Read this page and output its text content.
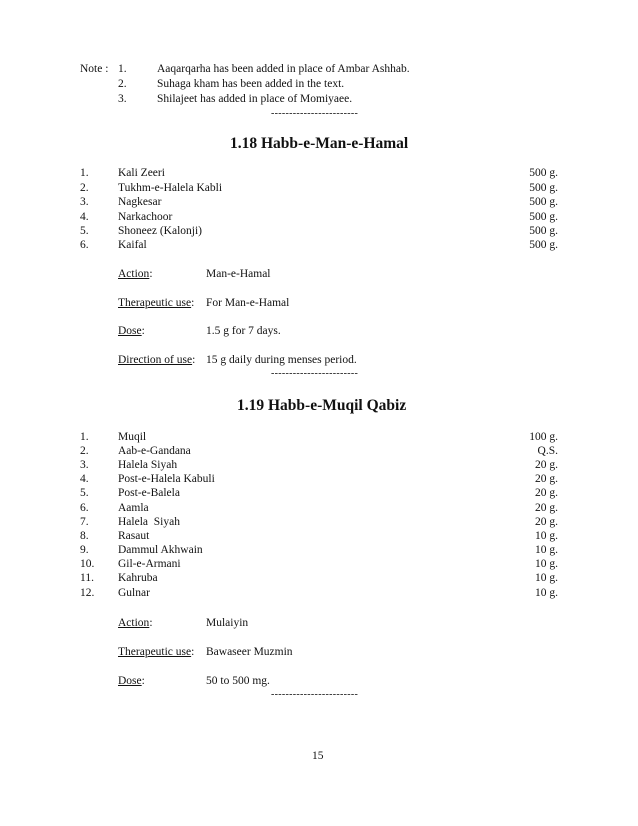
Note : 1.	Aaqarqarha has been added in place of Ambar Ashhab.
2.	Suhaga kham has been added in the text.
3.	Shilajeet has added in place of Momiyaee.
------------------------
1.18 Habb-e-Man-e-Hamal
1.	Kali Zeeri	500 g.
2.	Tukhm-e-Halela Kabli	500 g.
3.	Nagkesar	500 g.
4.	Narkachoor	500 g.
5.	Shoneez (Kalonji)	500 g.
6.	Kaifal	500 g.
Action:	Man-e-Hamal
Therapeutic use: For Man-e-Hamal
Dose:	1.5 g for 7 days.
Direction of use: 15 g daily during menses period.
------------------------
1.19 Habb-e-Muqil Qabiz
1.	Muqil	100 g.
2.	Aab-e-Gandana	Q.S.
3.	Halela Siyah	20 g.
4.	Post-e-Halela Kabuli	20 g.
5.	Post-e-Balela	20 g.
6.	Aamla	20 g.
7.	Halela  Siyah	20 g.
8.	Rasaut	10 g.
9.	Dammul Akhwain	10 g.
10. Gil-e-Armani	10 g.
11. Kahruba	10 g.
12. Gulnar	10 g.
Action:	Mulaiyin
Therapeutic use: Bawaseer Muzmin
Dose:	50 to 500 mg.
------------------------
15
